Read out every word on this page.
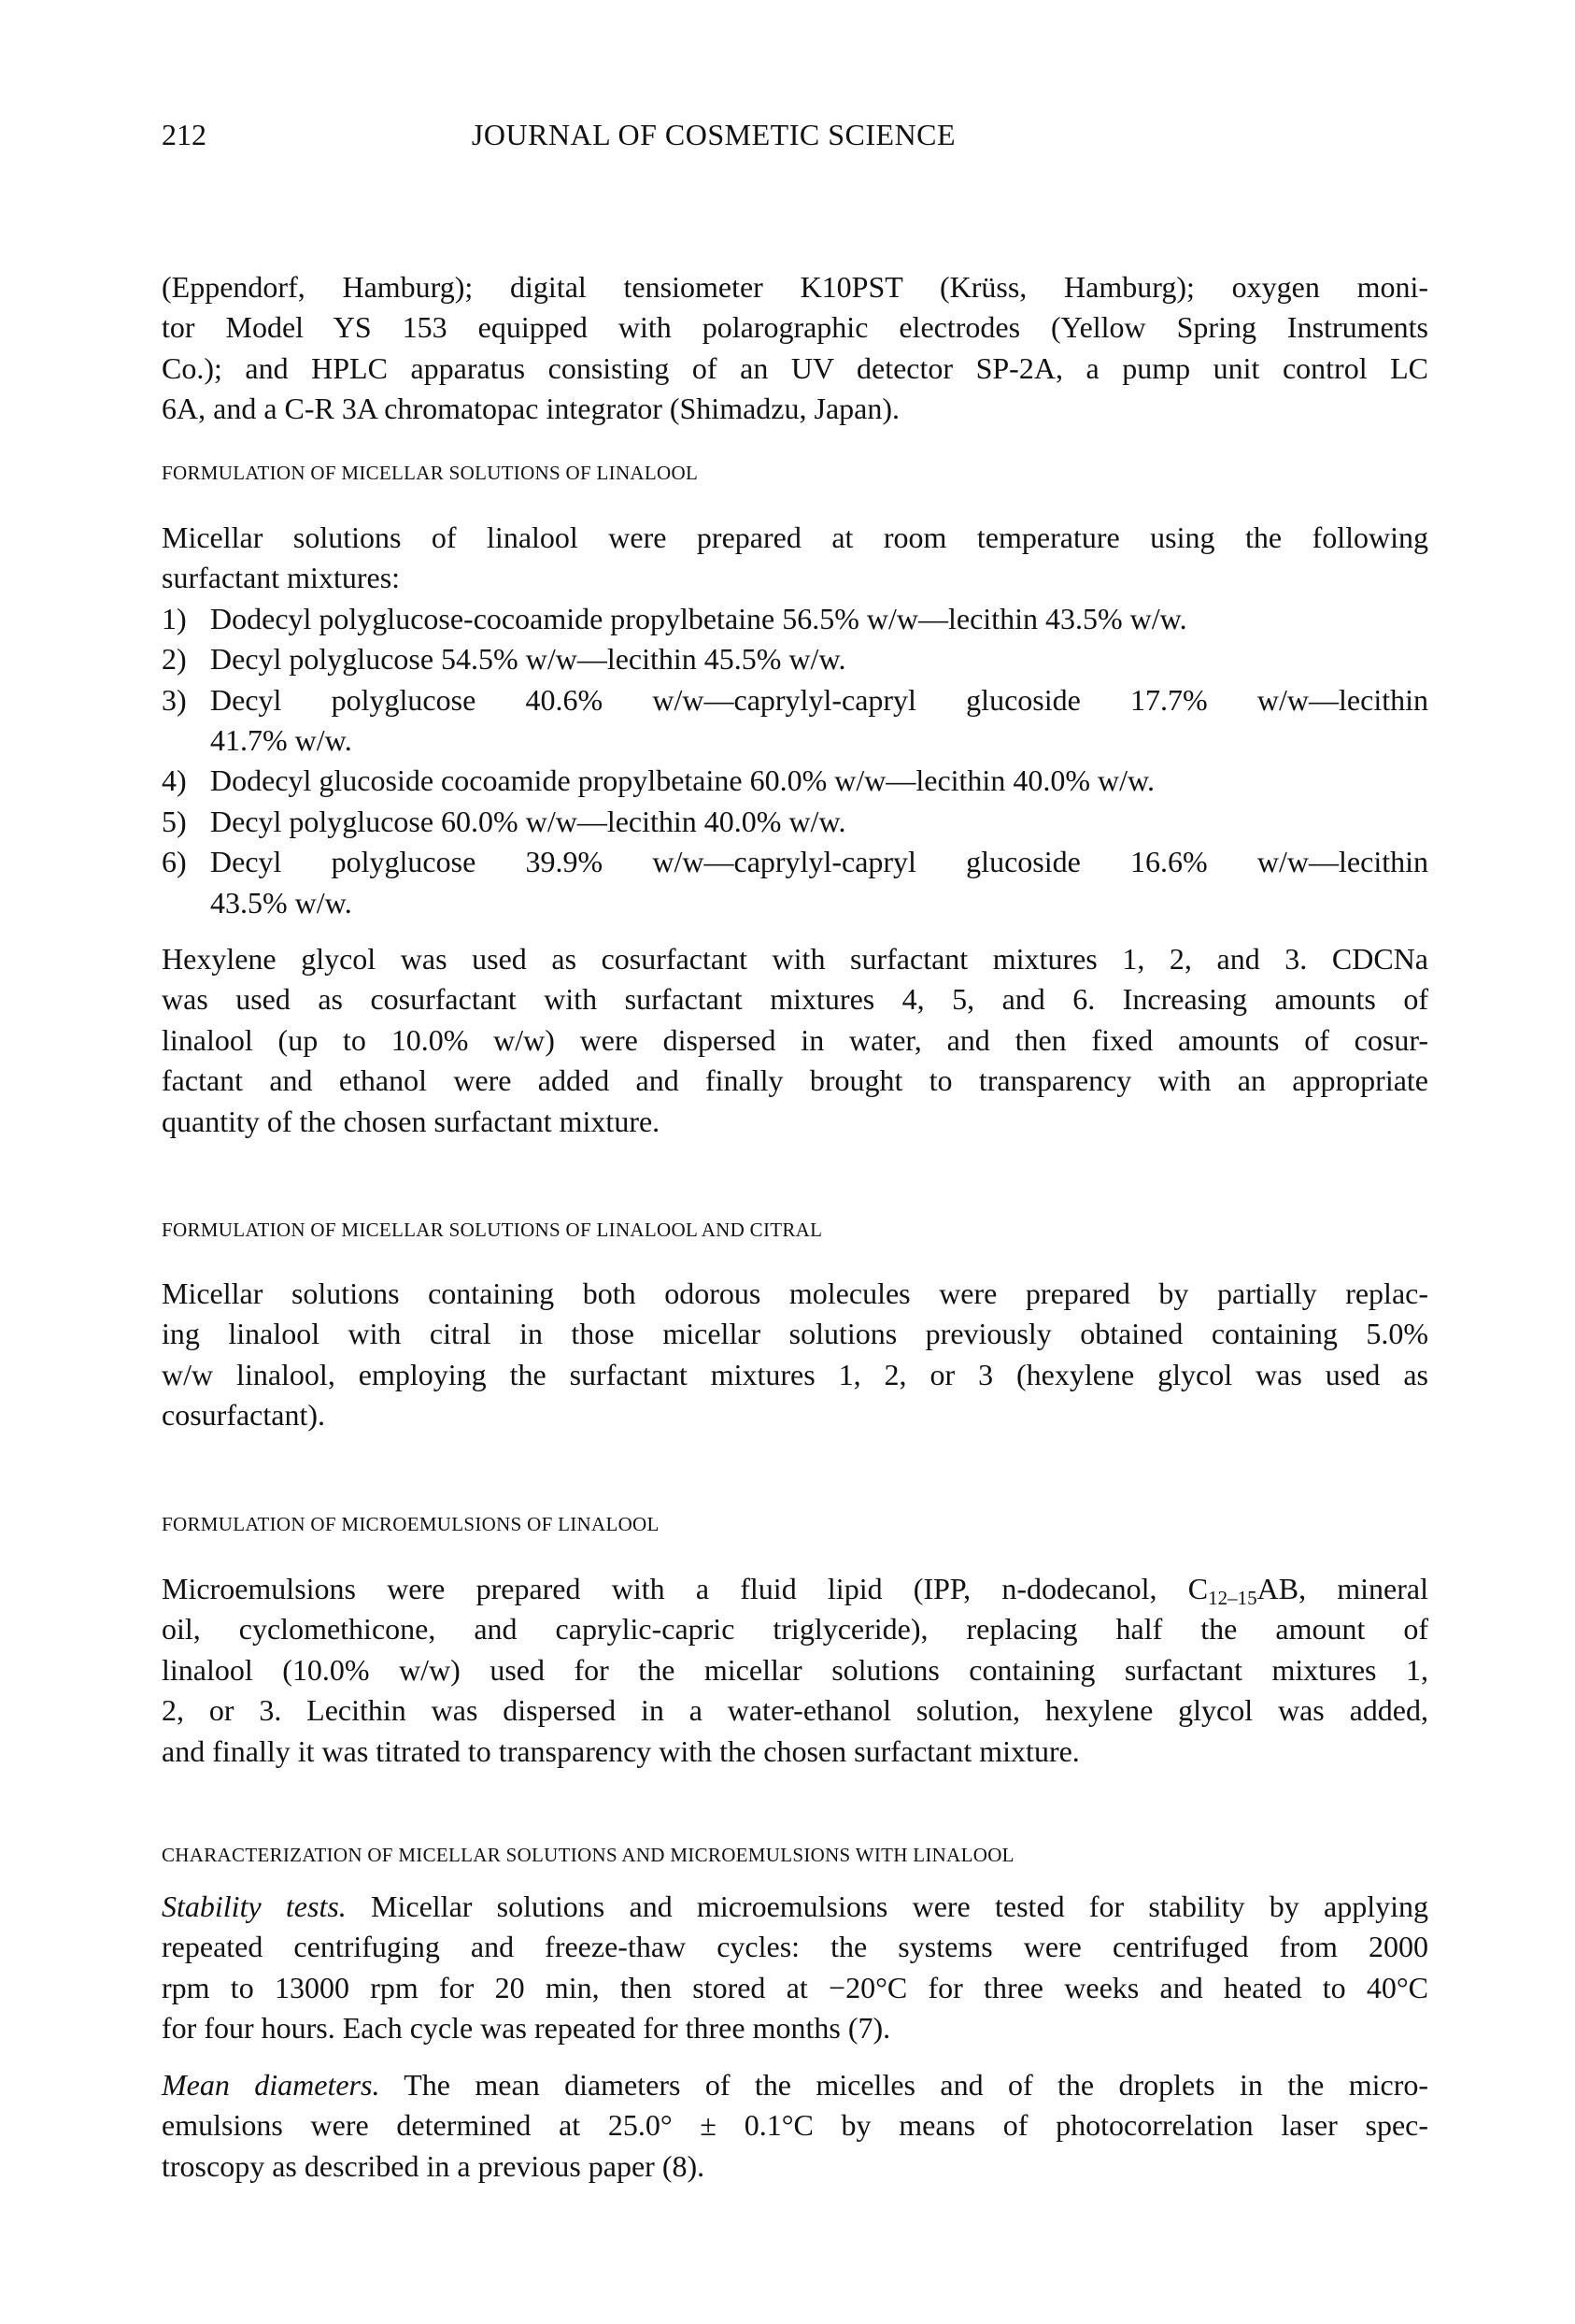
212	JOURNAL OF COSMETIC SCIENCE
(Eppendorf, Hamburg); digital tensiometer K10PST (Krüss, Hamburg); oxygen moni-
tor Model YS 153 equipped with polarographic electrodes (Yellow Spring Instruments
Co.); and HPLC apparatus consisting of an UV detector SP-2A, a pump unit control LC
6A, and a C-R 3A chromatopac integrator (Shimadzu, Japan).
FORMULATION OF MICELLAR SOLUTIONS OF LINALOOL
Micellar solutions of linalool were prepared at room temperature using the following
surfactant mixtures:
1) Dodecyl polyglucose-cocoamide propylbetaine 56.5% w/w—lecithin 43.5% w/w.
2) Decyl polyglucose 54.5% w/w—lecithin 45.5% w/w.
3) Decyl polyglucose 40.6% w/w—caprylyl-capryl glucoside 17.7% w/w—lecithin
41.7% w/w.
4) Dodecyl glucoside cocoamide propylbetaine 60.0% w/w—lecithin 40.0% w/w.
5) Decyl polyglucose 60.0% w/w—lecithin 40.0% w/w.
6) Decyl polyglucose 39.9% w/w—caprylyl-capryl glucoside 16.6% w/w—lecithin
43.5% w/w.
Hexylene glycol was used as cosurfactant with surfactant mixtures 1, 2, and 3. CDCNa
was used as cosurfactant with surfactant mixtures 4, 5, and 6. Increasing amounts of
linalool (up to 10.0% w/w) were dispersed in water, and then fixed amounts of cosur-
factant and ethanol were added and finally brought to transparency with an appropriate
quantity of the chosen surfactant mixture.
FORMULATION OF MICELLAR SOLUTIONS OF LINALOOL AND CITRAL
Micellar solutions containing both odorous molecules were prepared by partially replac-
ing linalool with citral in those micellar solutions previously obtained containing 5.0%
w/w linalool, employing the surfactant mixtures 1, 2, or 3 (hexylene glycol was used as
cosurfactant).
FORMULATION OF MICROEMULSIONS OF LINALOOL
Microemulsions were prepared with a fluid lipid (IPP, n-dodecanol, $C_{12-15}AB$, mineral
oil, cyclomethicone, and caprylic-capric triglyceride), replacing half the amount of
linalool (10.0% w/w) used for the micellar solutions containing surfactant mixtures 1,
2, or 3. Lecithin was dispersed in a water-ethanol solution, hexylene glycol was added,
and finally it was titrated to transparency with the chosen surfactant mixture.
CHARACTERIZATION OF MICELLAR SOLUTIONS AND MICROEMULSIONS WITH LINALOOL
Stability tests. Micellar solutions and microemulsions were tested for stability by applying
repeated centrifuging and freeze-thaw cycles: the systems were centrifuged from 2000
rpm to 13000 rpm for 20 min, then stored at −20°C for three weeks and heated to 40°C
for four hours. Each cycle was repeated for three months (7).
Mean diameters. The mean diameters of the micelles and of the droplets in the micro-
emulsions were determined at 25.0° ± 0.1°C by means of photocorrelation laser spec-
troscopy as described in a previous paper (8).
